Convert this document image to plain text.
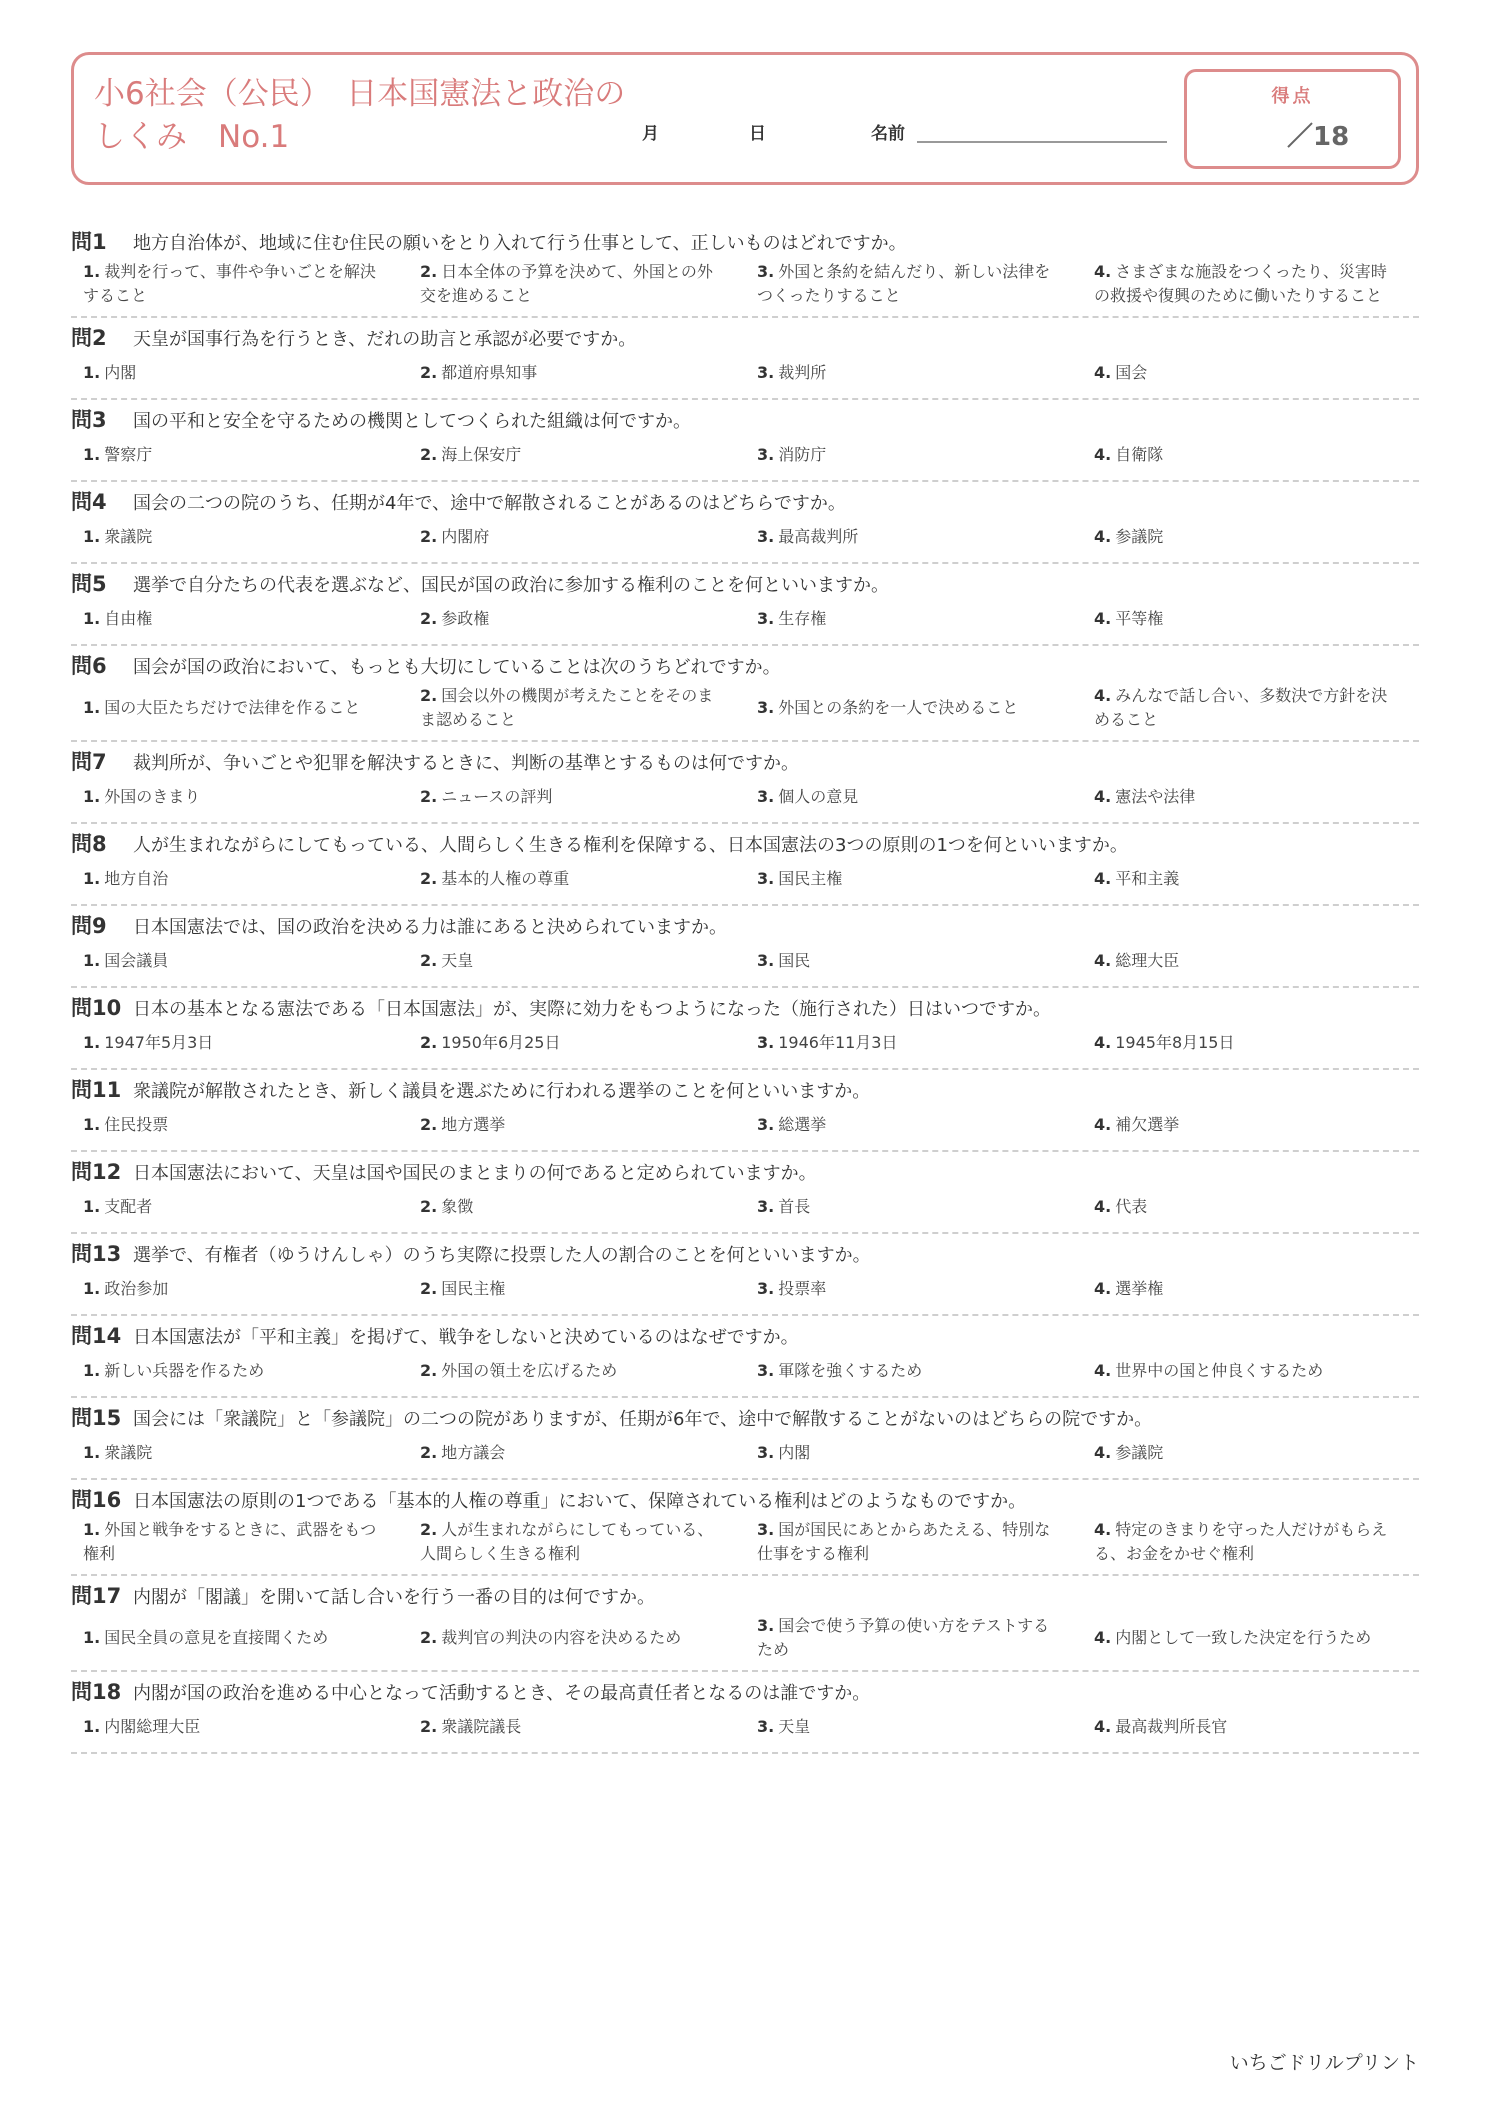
小6社会（公民）　日本国憲法と政治のしくみ　No.1	月	日	名前
得点
／18
問1	地方自治体が、地域に住む住民の願いをとり入れて行う仕事として、正しいものはどれですか。
1. 裁判を行って、事件や争いごとを解決すること
2. 日本全体の予算を決めて、外国との外交を進めること
3. 外国と条約を結んだり、新しい法律をつくったりすること
4. さまざまな施設をつくったり、災害時の救援や復興のために働いたりすること
問2	天皇が国事行為を行うとき、だれの助言と承認が必要ですか。
1. 内閣	2. 都道府県知事	3. 裁判所	4. 国会
問3	国の平和と安全を守るための機関としてつくられた組織は何ですか。
1. 警察庁	2. 海上保安庁	3. 消防庁	4. 自衛隊
問4	国会の二つの院のうち、任期が4年で、途中で解散されることがあるのはどちらですか。
1. 衆議院	2. 内閣府	3. 最高裁判所	4. 参議院
問5	選挙で自分たちの代表を選ぶなど、国民が国の政治に参加する権利のことを何といいますか。
1. 自由権	2. 参政権	3. 生存権	4. 平等権
問6	国会が国の政治において、もっとも大切にしていることは次のうちどれですか。
1. 国の大臣たちだけで法律を作ること
2. 国会以外の機関が考えたことをそのまま認めること
3. 外国との条約を一人で決めること
4. みんなで話し合い、多数決で方針を決めること
問7	裁判所が、争いごとや犯罪を解決するときに、判断の基準とするものは何ですか。
1. 外国のきまり	2. ニュースの評判	3. 個人の意見	4. 憲法や法律
問8	人が生まれながらにしてもっている、人間らしく生きる権利を保障する、日本国憲法の3つの原則の1つを何といいますか。
1. 地方自治	2. 基本的人権の尊重	3. 国民主権	4. 平和主義
問9	日本国憲法では、国の政治を決める力は誰にあると決められていますか。
1. 国会議員	2. 天皇	3. 国民	4. 総理大臣
問10 日本の基本となる憲法である「日本国憲法」が、実際に効力をもつようになった（施行された）日はいつですか。
1. 1947年5月3日	2. 1950年6月25日	3. 1946年11月3日	4. 1945年8月15日
問11 衆議院が解散されたとき、新しく議員を選ぶために行われる選挙のことを何といいますか。
1. 住民投票	2. 地方選挙	3. 総選挙	4. 補欠選挙
問12 日本国憲法において、天皇は国や国民のまとまりの何であると定められていますか。
1. 支配者	2. 象徴	3. 首長	4. 代表
問13 選挙で、有権者（ゆうけんしゃ）のうち実際に投票した人の割合のことを何といいますか。
1. 政治参加	2. 国民主権	3. 投票率	4. 選挙権
問14 日本国憲法が「平和主義」を掲げて、戦争をしないと決めているのはなぜですか。
1. 新しい兵器を作るため	2. 外国の領土を広げるため	3. 軍隊を強くするため	4. 世界中の国と仲良くするため
問15 国会には「衆議院」と「参議院」の二つの院がありますが、任期が6年で、途中で解散することがないのはどちらの院ですか。
1. 衆議院	2. 地方議会	3. 内閣	4. 参議院
問16 日本国憲法の原則の1つである「基本的人権の尊重」において、保障されている権利はどのようなものですか。
1. 外国と戦争をするときに、武器をもつ権利
2. 人が生まれながらにしてもっている、人間らしく生きる権利
3. 国が国民にあとからあたえる、特別な仕事をする権利
4. 特定のきまりを守った人だけがもらえる、お金をかせぐ権利
問17 内閣が「閣議」を開いて話し合いを行う一番の目的は何ですか。
1. 国民全員の意見を直接聞くため	2. 裁判官の判決の内容を決めるため
3. 国会で使う予算の使い方をテストするため
4. 内閣として一致した決定を行うため
問18 内閣が国の政治を進める中心となって活動するとき、その最高責任者となるのは誰ですか。
1. 内閣総理大臣	2. 衆議院議長	3. 天皇	4. 最高裁判所長官
いちごドリルプリント
